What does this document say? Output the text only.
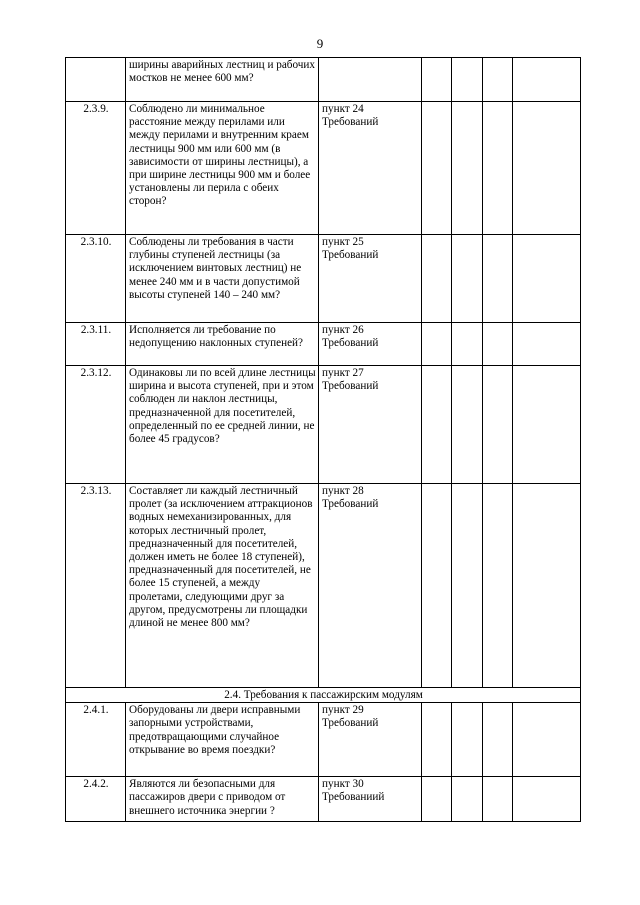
9
	ширины аварийных лестниц и рабочих мостков не менее 600 мм?	

2.3.9.	Соблюдено ли минимальное расстояние между перилами или между перилами и внутренним краем лестницы 900 мм или 600 мм (в зависимости от ширины лестницы), а при ширине лестницы 900 мм и более установлены ли перила с обеих сторон?	пункт 24
Требований				

2.3.10.	Соблюдены ли требования в части глубины ступеней лестницы (за исключением винтовых лестниц) не менее 240 мм и в части допустимой высоты ступеней 140 – 240 мм?	пункт 25
Требований				

2.3.11.	Исполняется ли требование по недопущению наклонных ступеней?	пункт 26
Требований				

2.3.12.	Одинаковы ли по всей длине лестницы ширина и высота ступеней, при и этом соблюден ли наклон лестницы, предназначенной для посетителей, определенный по ее средней линии, не более 45 градусов?	пункт 27
Требований				

2.3.13.	Составляет ли каждый лестничный пролет (за исключением аттракционов водных немеханизированных, для которых лестничный пролет, предназначенный для посетителей, должен иметь не более 18 ступеней), предназначенный для посетителей, не более 15 ступеней, а между пролетами, следующими друг за другом, предусмотрены ли площадки длиной не менее 800 мм?	пункт 28
Требований				

2.4. Требования к пассажирским модулям						
2.4.1.	Оборудованы ли двери исправными запорными устройствами, предотвращающими случайное открывание во время поездки?	пункт 29
Требований				

2.4.2.	Являются ли безопасными для пассажиров двери с приводом от внешнего источника энергии ?	пункт 30
Требованиий				
